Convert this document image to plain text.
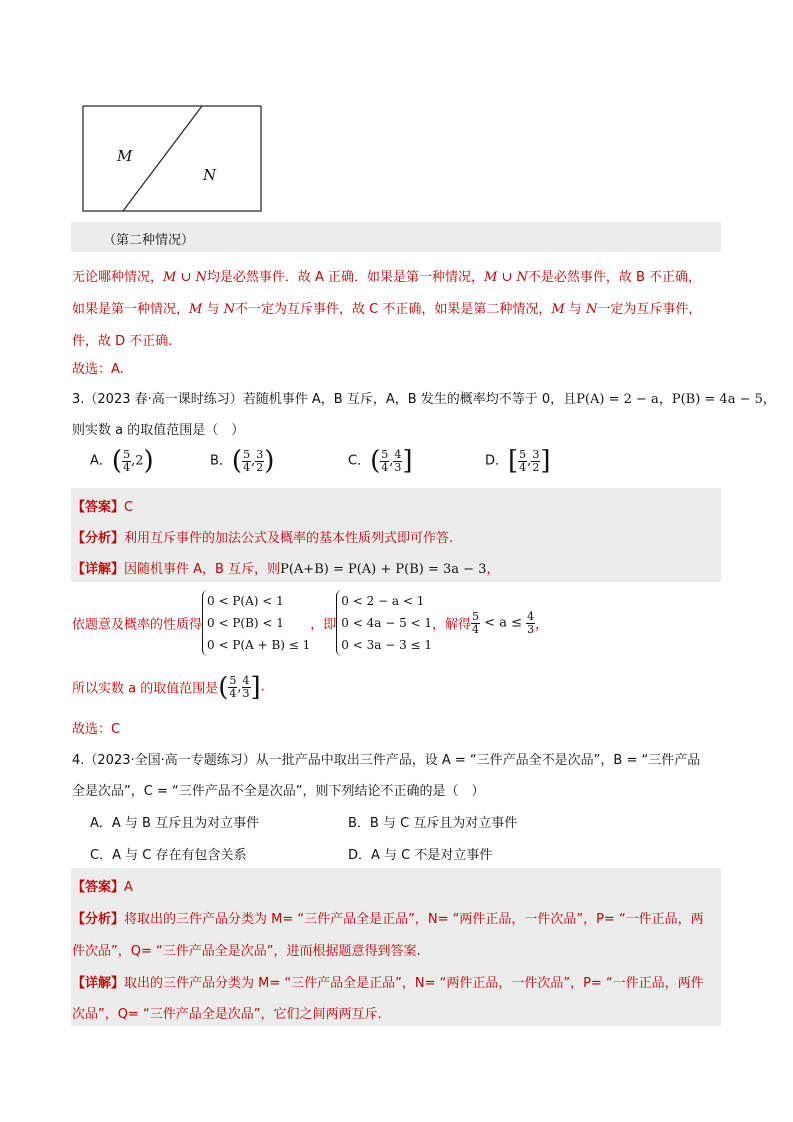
M
N
（第二种情况）
无论哪种情况，M ∪ N均是必然事件．故 A 正确．如果是第一种情况，M ∪ N不是必然事件，故 B 不正确，
如果是第一种情况，M 与 N不一定为互斥事件，故 C 不正确，如果是第二种情况，M 与 N一定为互斥事件，
件，故 D 不正确.
故选：A.
3.（2023 春·高一课时练习）若随机事件 A，B 互斥，A，B 发生的概率均不等于 0，且P(A) = 2 − a，P(B) = 4a − 5，
则实数 a 的取值范围是（　）
A．( $\frac{5}{4} ,2$)	B．( $\frac{5}{4}$ , $\frac{3}{2}$ )	C．( $\frac{5}{4}$ , $\frac{4}{3}$ ]	D．[ $\frac{5}{4}$ , $\frac{3}{2}$ ]
【答案】C
【分析】利用互斥事件的加法公式及概率的基本性质列式即可作答.
【详解】因随机事件 A，B 互斥，则P(A+B) = P(A) + P(B) = 3a − 3，
依题意及概率的性质得
0 < P(A) < 1
0 < P(B) < 1
0 < P(A + B) ≤ 1
，即
0 < 2 − a < 1
0 < 4a − 5 < 1
0 < 3a − 3 ≤ 1
，解得 $\frac{5}{4} < a \le \frac{4}{3}$ ，
所以实数 a 的取值范围是( $\frac{5}{4}$ , $\frac{4}{3}$ ].
故选：C
4.（2023·全国·高一专题练习）从一批产品中取出三件产品，设 A = “三件产品全不是次品”，B = “三件产品
全是次品”，C = “三件产品不全是次品”，则下列结论不正确的是（　）
A．A 与 B 互斥且为对立事件	B．B 与 C 互斥且为对立事件
C．A 与 C 存在有包含关系	D．A 与 C 不是对立事件
【答案】A
【分析】将取出的三件产品分类为 M= “三件产品全是正品”，N= “两件正品，一件次品”，P= “一件正品，两
件次品”，Q= “三件产品全是次品”，进而根据题意得到答案.
【详解】取出的三件产品分类为 M= “三件产品全是正品”，N= “两件正品，一件次品”，P= “一件正品，两件
次品”，Q= “三件产品全是次品”，它们之间两两互斥.
